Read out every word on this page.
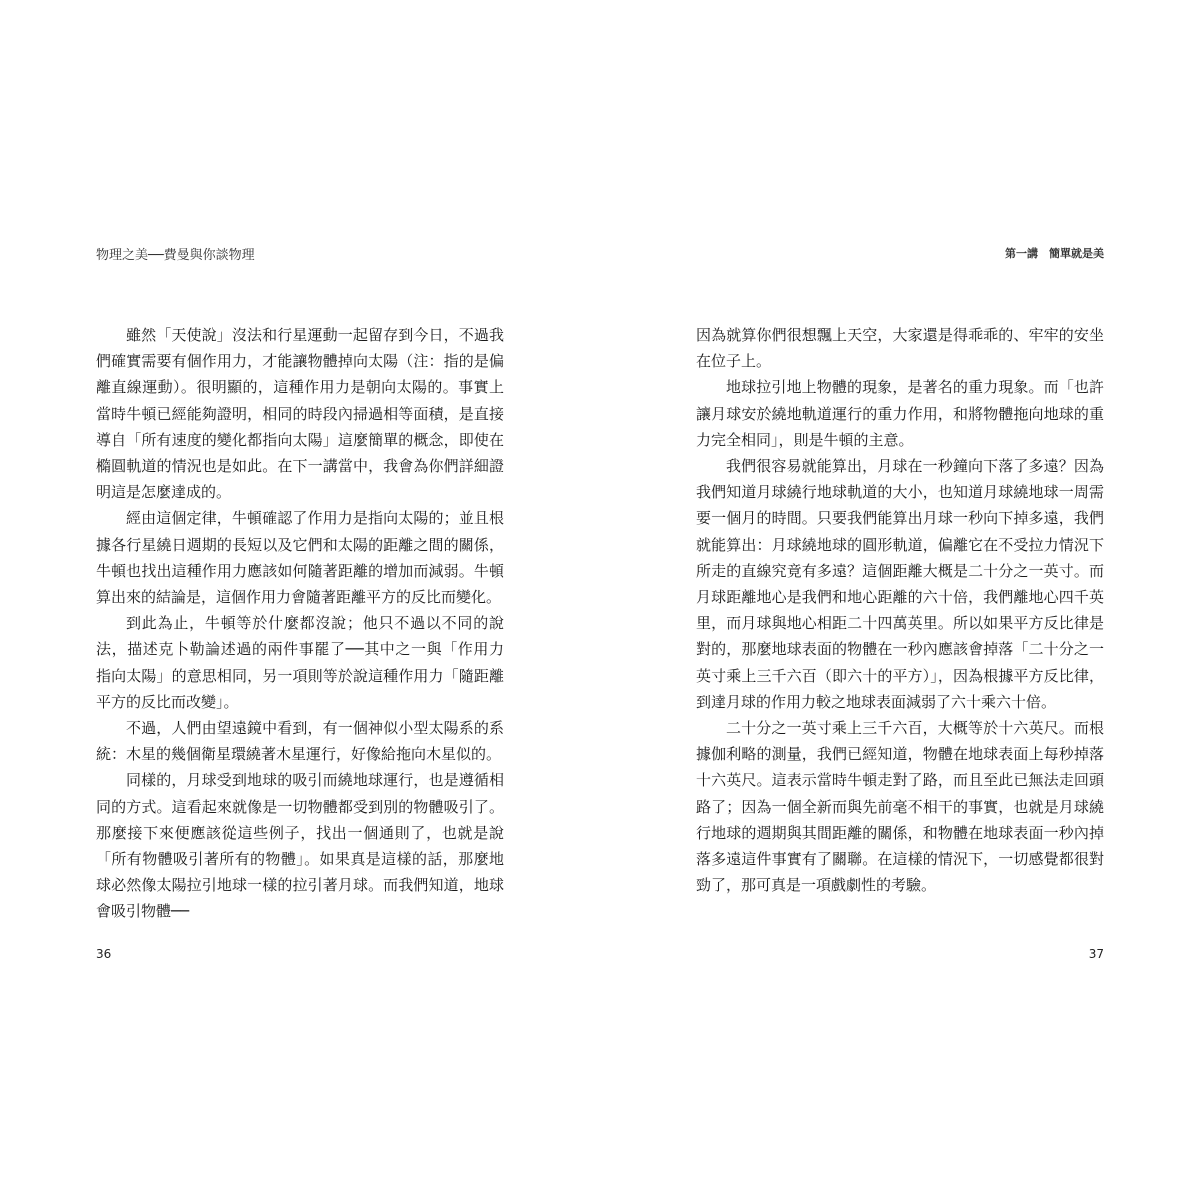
物理之美──費曼與你談物理

雖然「天使說」沒法和行星運動一起留存到今日，不過我們確實需要有個作用力，才能讓物體掉向太陽（注：指的是偏離直線運動）。很明顯的，這種作用力是朝向太陽的。事實上當時牛頓已經能夠證明，相同的時段內掃過相等面積，是直接導自「所有速度的變化都指向太陽」這麼簡單的概念，即使在橢圓軌道的情況也是如此。在下一講當中，我會為你們詳細證明這是怎麼達成的。

經由這個定律，牛頓確認了作用力是指向太陽的；並且根據各行星繞日週期的長短以及它們和太陽的距離之間的關係，牛頓也找出這種作用力應該如何隨著距離的增加而減弱。牛頓算出來的結論是，這個作用力會隨著距離平方的反比而變化。

到此為止，牛頓等於什麼都沒說；他只不過以不同的說法，描述克卜勒論述過的兩件事罷了──其中之一與「作用力指向太陽」的意思相同，另一項則等於說這種作用力「隨距離平方的反比而改變」。

不過，人們由望遠鏡中看到，有一個神似小型太陽系的系統：木星的幾個衛星環繞著木星運行，好像給拖向木星似的。

同樣的，月球受到地球的吸引而繞地球運行，也是遵循相同的方式。這看起來就像是一切物體都受到別的物體吸引了。那麼接下來便應該從這些例子，找出一個通則了，也就是說「所有物體吸引著所有的物體」。如果真是這樣的話，那麼地球必然像太陽拉引地球一樣的拉引著月球。而我們知道，地球會吸引物體──

36
第一講　簡單就是美

因為就算你們很想飄上天空，大家還是得乖乖的、牢牢的安坐在位子上。

地球拉引地上物體的現象，是著名的重力現象。而「也許讓月球安於繞地軌道運行的重力作用，和將物體拖向地球的重力完全相同」，則是牛頓的主意。

我們很容易就能算出，月球在一秒鐘向下落了多遠？因為我們知道月球繞行地球軌道的大小，也知道月球繞地球一周需要一個月的時間。只要我們能算出月球一秒向下掉多遠，我們就能算出：月球繞地球的圓形軌道，偏離它在不受拉力情況下所走的直線究竟有多遠？這個距離大概是二十分之一英寸。而月球距離地心是我們和地心距離的六十倍，我們離地心四千英里，而月球與地心相距二十四萬英里。所以如果平方反比律是對的，那麼地球表面的物體在一秒內應該會掉落「二十分之一英寸乘上三千六百（即六十的平方）」，因為根據平方反比律，到達月球的作用力較之地球表面減弱了六十乘六十倍。

二十分之一英寸乘上三千六百，大概等於十六英尺。而根據伽利略的測量，我們已經知道，物體在地球表面上每秒掉落十六英尺。這表示當時牛頓走對了路，而且至此已無法走回頭路了；因為一個全新而與先前毫不相干的事實，也就是月球繞行地球的週期與其間距離的關係，和物體在地球表面一秒內掉落多遠這件事實有了關聯。在這樣的情況下，一切感覺都很對勁了，那可真是一項戲劇性的考驗。

37
